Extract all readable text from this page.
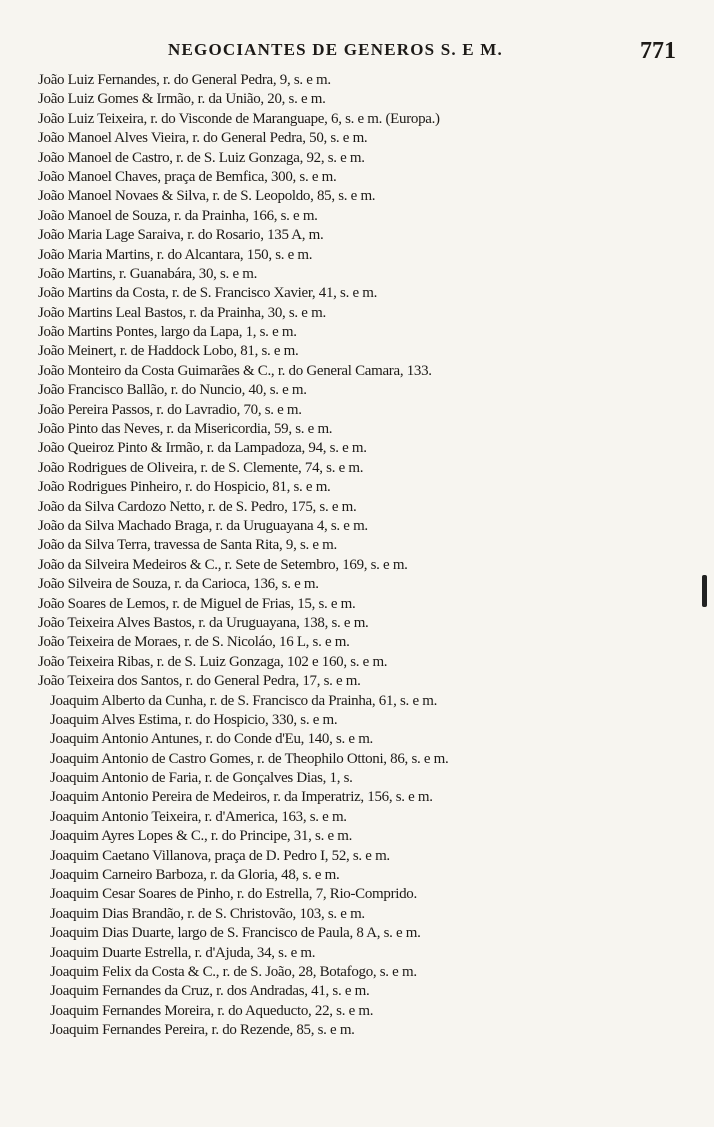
NEGOCIANTES DE GENEROS S. E M.	771
João Luiz Fernandes, r. do General Pedra, 9, s. e m.
João Luiz Gomes & Irmão, r. da União, 20, s. e m.
João Luiz Teixeira, r. do Visconde de Maranguape, 6, s. e m. (Europa.)
João Manoel Alves Vieira, r. do General Pedra, 50, s. e m.
João Manoel de Castro, r. de S. Luiz Gonzaga, 92, s. e m.
João Manoel Chaves, praça de Bemfica, 300, s. e m.
João Manoel Novaes & Silva, r. de S. Leopoldo, 85, s. e m.
João Manoel de Souza, r. da Prainha, 166, s. e m.
João Maria Lage Saraiva, r. do Rosario, 135 A, m.
João Maria Martins, r. do Alcantara, 150, s. e m.
João Martins, r. Guanabára, 30, s. e m.
João Martins da Costa, r. de S. Francisco Xavier, 41, s. e m.
João Martins Leal Bastos, r. da Prainha, 30, s. e m.
João Martins Pontes, largo da Lapa, 1, s. e m.
João Meinert, r. de Haddock Lobo, 81, s. e m.
João Monteiro da Costa Guimarães & C., r. do General Camara, 133.
João Francisco Ballão, r. do Nuncio, 40, s. e m.
João Pereira Passos, r. do Lavradio, 70, s. e m.
João Pinto das Neves, r. da Misericordia, 59, s. e m.
João Queiroz Pinto & Irmão, r. da Lampadoza, 94, s. e m.
João Rodrigues de Oliveira, r. de S. Clemente, 74, s. e m.
João Rodrigues Pinheiro, r. do Hospicio, 81, s. e m.
João da Silva Cardozo Netto, r. de S. Pedro, 175, s. e m.
João da Silva Machado Braga, r. da Uruguayana 4, s. e m.
João da Silva Terra, travessa de Santa Rita, 9, s. e m.
João da Silveira Medeiros & C., r. Sete de Setembro, 169, s. e m.
João Silveira de Souza, r. da Carioca, 136, s. e m.
João Soares de Lemos, r. de Miguel de Frias, 15, s. e m.
João Teixeira Alves Bastos, r. da Uruguayana, 138, s. e m.
João Teixeira de Moraes, r. de S. Nicoláo, 16 L, s. e m.
João Teixeira Ribas, r. de S. Luiz Gonzaga, 102 e 160, s. e m.
João Teixeira dos Santos, r. do General Pedra, 17, s. e m.
Joaquim Alberto da Cunha, r. de S. Francisco da Prainha, 61, s. e m.
Joaquim Alves Estima, r. do Hospicio, 330, s. e m.
Joaquim Antonio Antunes, r. do Conde d'Eu, 140, s. e m.
Joaquim Antonio de Castro Gomes, r. de Theophilo Ottoni, 86, s. e m.
Joaquim Antonio de Faria, r. de Gonçalves Dias, 1, s.
Joaquim Antonio Pereira de Medeiros, r. da Imperatriz, 156, s. e m.
Joaquim Antonio Teixeira, r. d'America, 163, s. e m.
Joaquim Ayres Lopes & C., r. do Principe, 31, s. e m.
Joaquim Caetano Villanova, praça de D. Pedro I, 52, s. e m.
Joaquim Carneiro Barboza, r. da Gloria, 48, s. e m.
Joaquim Cesar Soares de Pinho, r. do Estrella, 7, Rio-Comprido.
Joaquim Dias Brandão, r. de S. Christovão, 103, s. e m.
Joaquim Dias Duarte, largo de S. Francisco de Paula, 8 A, s. e m.
Joaquim Duarte Estrella, r. d'Ajuda, 34, s. e m.
Joaquim Felix da Costa & C., r. de S. João, 28, Botafogo, s. e m.
Joaquim Fernandes da Cruz, r. dos Andradas, 41, s. e m.
Joaquim Fernandes Moreira, r. do Aqueducto, 22, s. e m.
Joaquim Fernandes Pereira, r. do Rezende, 85, s. e m.
